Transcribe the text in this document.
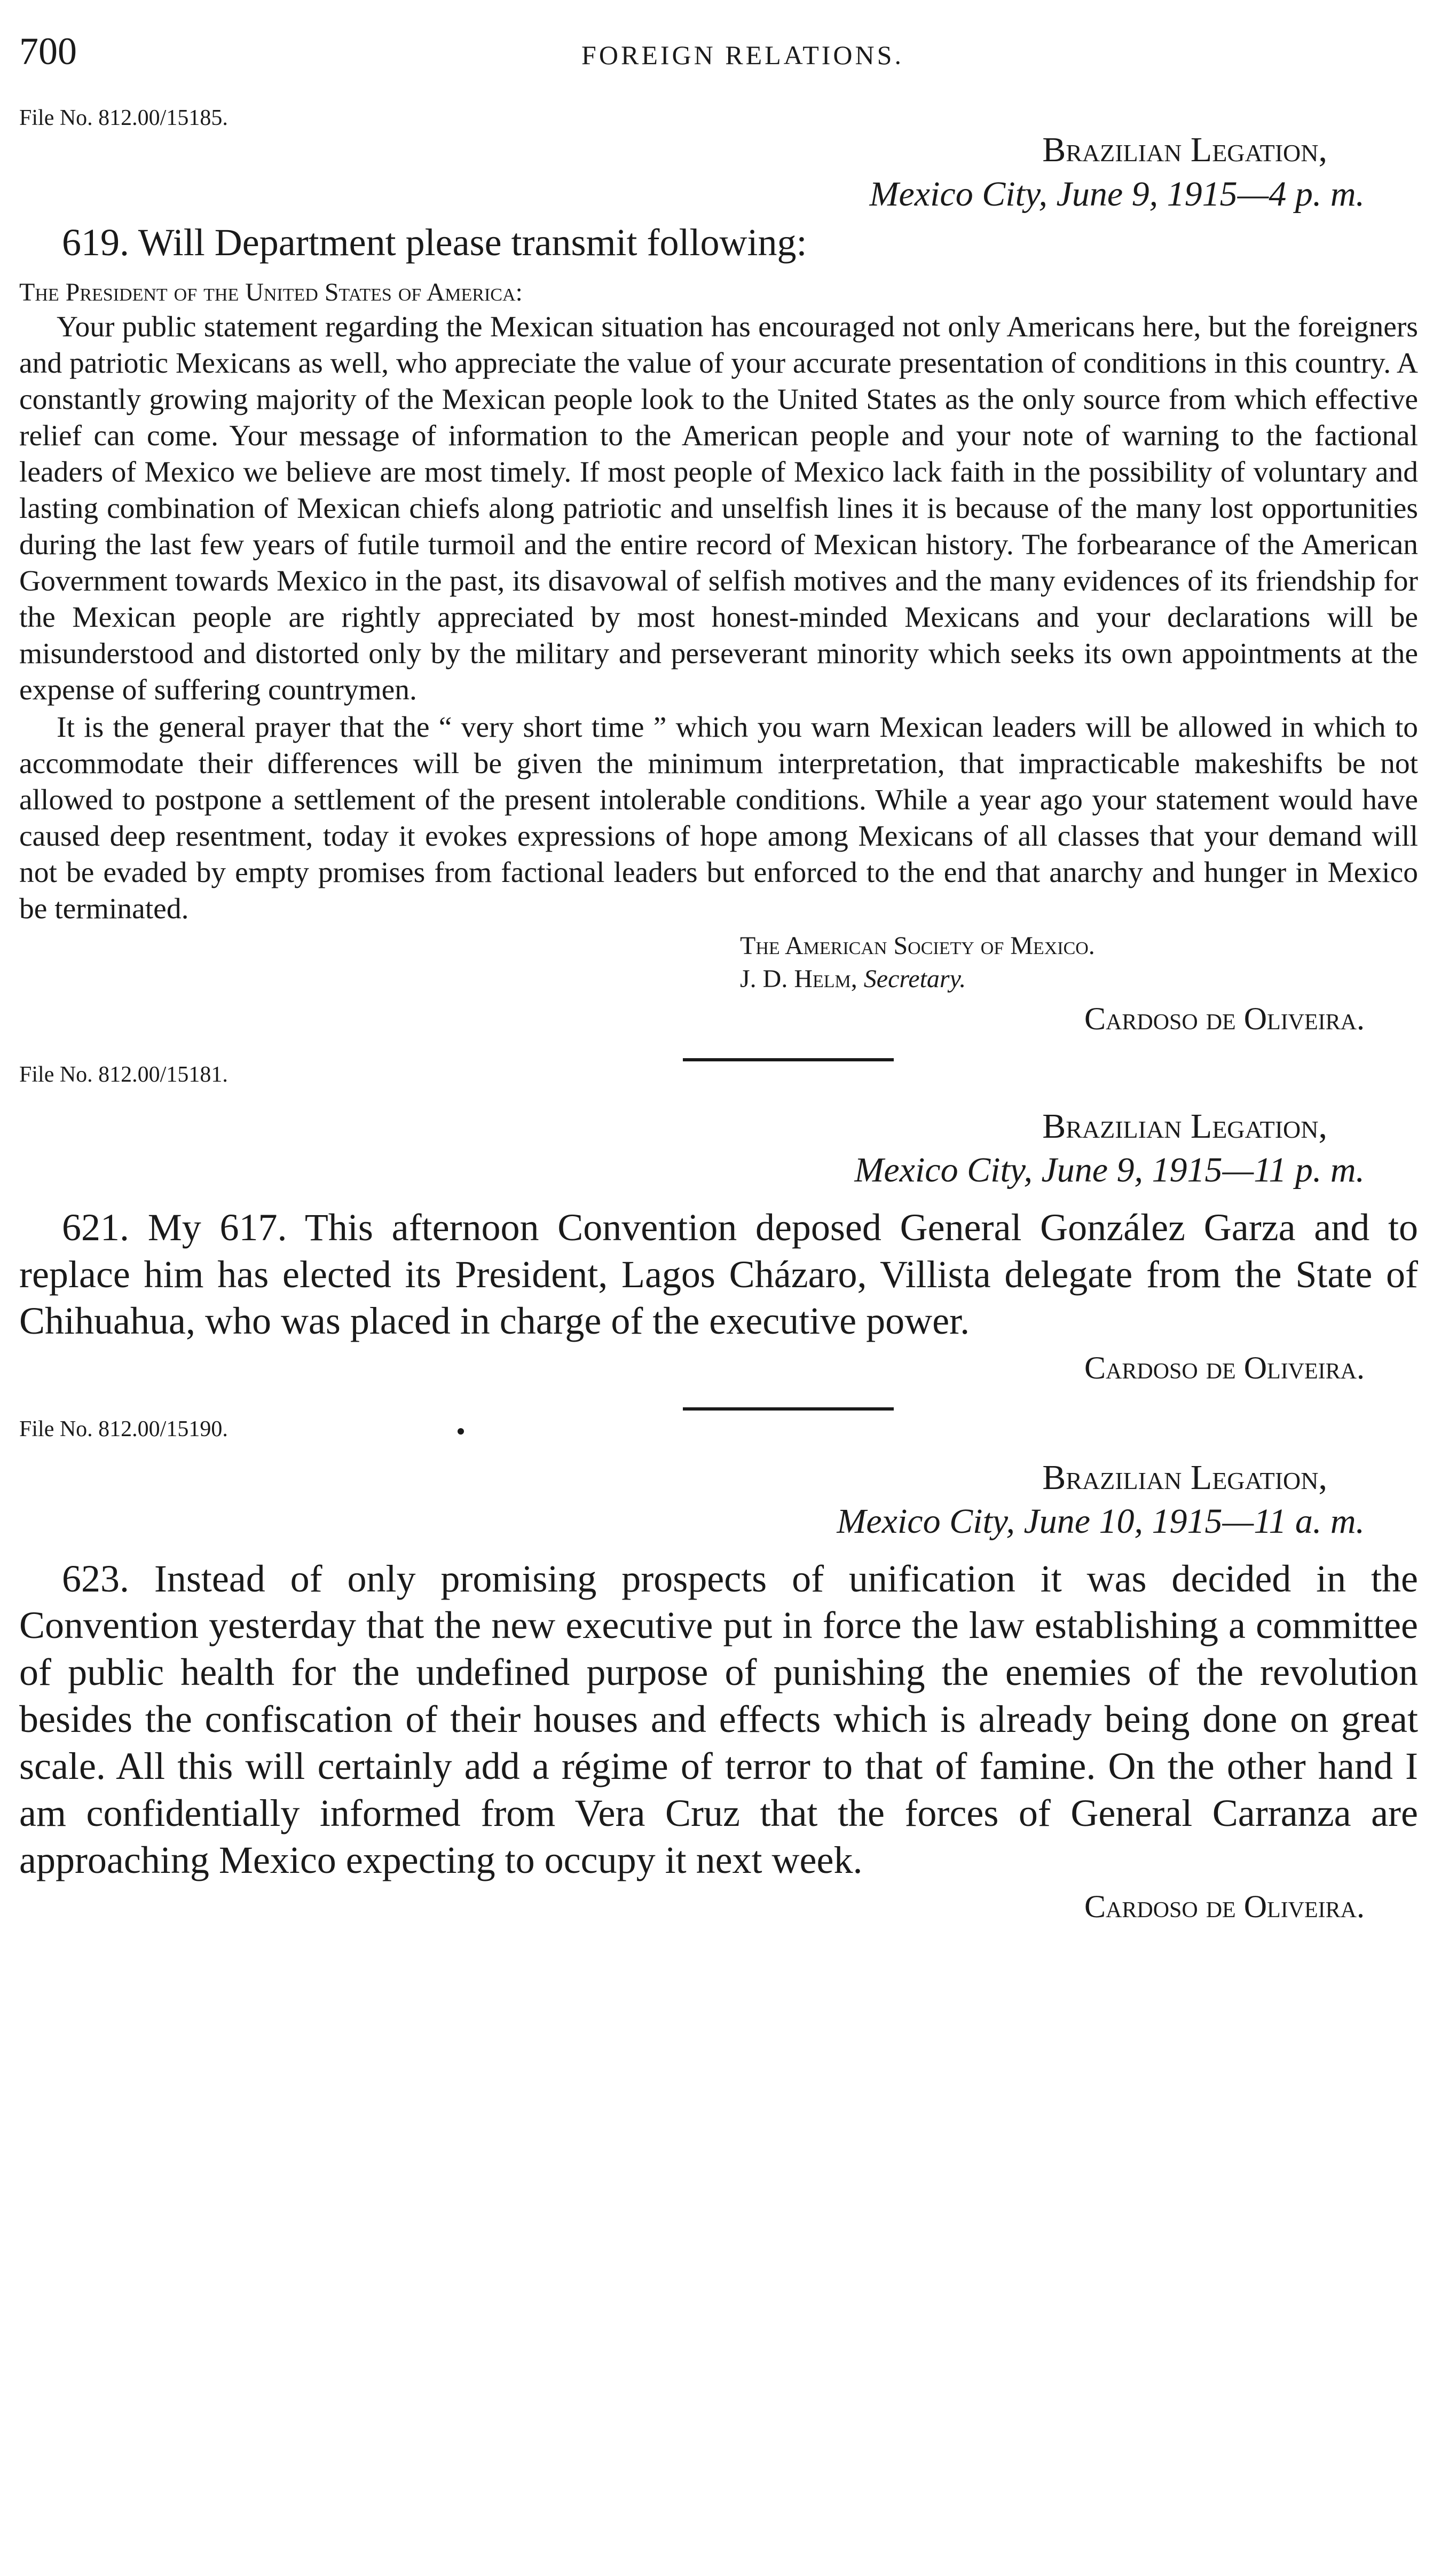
700	FOREIGN RELATIONS.
File No. 812.00/15185.
Brazilian Legation,
Mexico City, June 9, 1915—4 p. m.

619. Will Department please transmit following:

The President of the United States of America:

Your public statement regarding the Mexican situation has encouraged not only Americans here, but the foreigners and patriotic Mexicans as well, who appreciate the value of your accurate presentation of conditions in this country. A constantly growing majority of the Mexican people look to the United States as the only source from which effective relief can come. Your message of information to the American people and your note of warning to the factional leaders of Mexico we believe are most timely. If most people of Mexico lack faith in the possibility of voluntary and lasting combination of Mexican chiefs along patriotic and unselfish lines it is because of the many lost opportunities during the last few years of futile turmoil and the entire record of Mexican history. The forbearance of the American Government towards Mexico in the past, its disavowal of selfish motives and the many evidences of its friendship for the Mexican people are rightly appreciated by most honest-minded Mexicans and your declarations will be misunderstood and distorted only by the military and perseverant minority which seeks its own appointments at the expense of suffering countrymen.

It is the general prayer that the “ very short time ” which you warn Mexican leaders will be allowed in which to accommodate their differences will be given the minimum interpretation, that impracticable makeshifts be not allowed to postpone a settlement of the present intolerable conditions. While a year ago your statement would have caused deep resentment, today it evokes expressions of hope among Mexicans of all classes that your demand will not be evaded by empty promises from factional leaders but enforced to the end that anarchy and hunger in Mexico be terminated.

The American Society of Mexico.
J. D. Helm, Secretary.
Cardoso de Oliveira.
File No. 812.00/15181.
Brazilian Legation,
Mexico City, June 9, 1915—11 p. m.

621. My 617. This afternoon Convention deposed General González Garza and to replace him has elected its President, Lagos Cházaro, Villista delegate from the State of Chihuahua, who was placed in charge of the executive power.

Cardoso de Oliveira.
File No. 812.00/15190.
Brazilian Legation,
Mexico City, June 10, 1915—11 a. m.

623. Instead of only promising prospects of unification it was decided in the Convention yesterday that the new executive put in force the law establishing a committee of public health for the undefined purpose of punishing the enemies of the revolution besides the confiscation of their houses and effects which is already being done on great scale. All this will certainly add a régime of terror to that of famine. On the other hand I am confidentially informed from Vera Cruz that the forces of General Carranza are approaching Mexico expecting to occupy it next week.

Cardoso de Oliveira.
